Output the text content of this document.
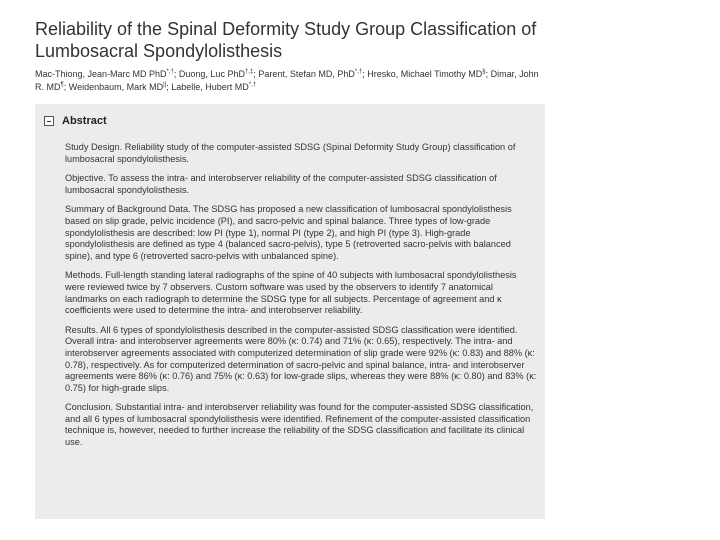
Reliability of the Spinal Deformity Study Group Classification of Lumbosacral Spondylolisthesis
Mac-Thiong, Jean-Marc MD PhD*,†; Duong, Luc PhD†,‡; Parent, Stefan MD, PhD*,†; Hresko, Michael Timothy MD§; Dimar, John R. MD¶; Weidenbaum, Mark MD||; Labelle, Hubert MD*,†
Abstract

Study Design. Reliability study of the computer-assisted SDSG (Spinal Deformity Study Group) classification of lumbosacral spondylolisthesis.

Objective. To assess the intra- and interobserver reliability of the computer-assisted SDSG classification of lumbosacral spondylolisthesis.

Summary of Background Data. The SDSG has proposed a new classification of lumbosacral spondylolisthesis based on slip grade, pelvic incidence (PI), and sacro-pelvic and spinal balance. Three types of low-grade spondylolisthesis are described: low PI (type 1), normal PI (type 2), and high PI (type 3). High-grade spondylolisthesis are defined as type 4 (balanced sacro-pelvis), type 5 (retroverted sacro-pelvis with balanced spine), and type 6 (retroverted sacro-pelvis with unbalanced spine).

Methods. Full-length standing lateral radiographs of the spine of 40 subjects with lumbosacral spondylolisthesis were reviewed twice by 7 observers. Custom software was used by the observers to identify 7 anatomical landmarks on each radiograph to determine the SDSG type for all subjects. Percentage of agreement and κ coefficients were used to determine the intra- and interobserver reliability.

Results. All 6 types of spondylolisthesis described in the computer-assisted SDSG classification were identified. Overall intra- and interobserver agreements were 80% (κ: 0.74) and 71% (κ: 0.65), respectively. The intra- and interobserver agreements associated with computerized determination of slip grade were 92% (κ: 0.83) and 88% (κ: 0.78), respectively. As for computerized determination of sacro-pelvic and spinal balance, intra- and interobserver agreements were 86% (κ: 0.76) and 75% (κ: 0.63) for low-grade slips, whereas they were 88% (κ: 0.80) and 83% (κ: 0.75) for high-grade slips.

Conclusion. Substantial intra- and interobserver reliability was found for the computer-assisted SDSG classification, and all 6 types of lumbosacral spondylolisthesis were identified. Refinement of the computer-assisted classification technique is, however, needed to further increase the reliability of the SDSG classification and facilitate its clinical use.
